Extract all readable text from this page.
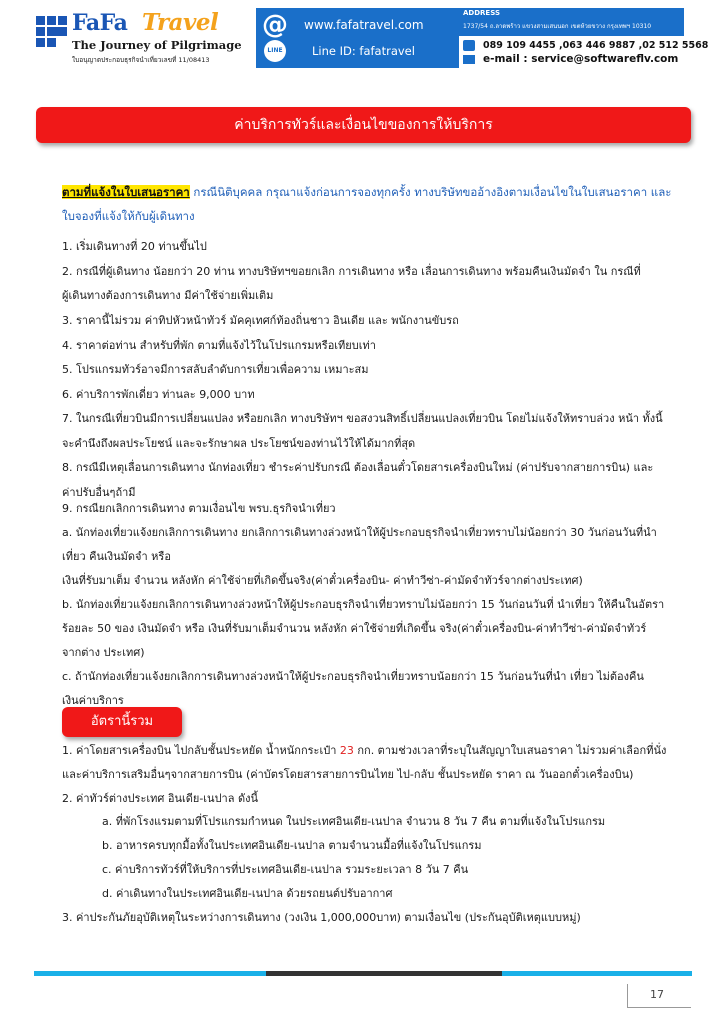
FaFa Travel
The Journey of Pilgrimage
ใบอนุญาตประกอบธุรกิจนำเที่ยวเลขที่ 11/08413
@
LINE
www.fafatravel.com
Line ID: fafatravel
ADDRESS
1737/54 ถ.ลาดพร้าว แขวงสามเสนนอก เขตห้วยขวาง กรุงเทพฯ 10310
089 109 4455 ,063 446 9887 ,02 512 5568
e-mail : service@softwareflv.com
ค่าบริการทัวร์และเงื่อนไขของการให้บริการ
ตามที่แจ้งในใบเสนอราคา กรณีนิติบุคคล กรุณาแจ้งก่อนการจองทุกครั้ง ทางบริษัทขออ้างอิงตามเงื่อนไขในใบเสนอราคา และใบจองที่แจ้งให้กับผู้เดินทาง
1. เริ่มเดินทางที่ 20 ท่านขึ้นไป
2. กรณีที่ผู้เดินทาง น้อยกว่า 20 ท่าน ทางบริษัทฯขอยกเลิก การเดินทาง หรือ เลื่อนการเดินทาง พร้อมคืนเงินมัดจำ ใน กรณีที่
ผู้เดินทางต้องการเดินทาง มีค่าใช้จ่ายเพิ่มเติม
3. ราคานี้ไม่รวม ค่าทิปหัวหน้าทัวร์ มัคคุเทศก์ท้องถิ่นชาว อินเดีย และ พนักงานขับรถ
4. ราคาต่อท่าน สำหรับที่พัก ตามที่แจ้งไว้ในโปรแกรมหรือเทียบเท่า
5. โปรแกรมทัวร์อาจมีการสลับลำดับการเที่ยวเพื่อความ เหมาะสม
6. ค่าบริการพักเดี่ยว ท่านละ 9,000 บาท
7. ในกรณีเที่ยวบินมีการเปลี่ยนแปลง หรือยกเลิก ทางบริษัทฯ ขอสงวนสิทธิ์เปลี่ยนแปลงเที่ยวบิน โดยไม่แจ้งให้ทราบล่วง หน้า ทั้งนี้
จะคำนึงถึงผลประโยชน์ และจะรักษาผล ประโยชน์ของท่านไว้ให้ได้มากที่สุด
8. กรณีมีเหตุเลื่อนการเดินทาง นักท่องเที่ยว ชำระค่าปรับกรณี ต้องเลื่อนตั๋วโดยสารเครื่องบินใหม่ (ค่าปรับจากสายการบิน) และ
ค่าปรับอื่นๆถ้ามี
9. กรณียกเลิกการเดินทาง ตามเงื่อนไข พรบ.ธุรกิจนำเที่ยว
a. นักท่องเที่ยวแจ้งยกเลิกการเดินทาง ยกเลิกการเดินทางล่วงหน้าให้ผู้ประกอบธุรกิจนำเที่ยวทราบไม่น้อยกว่า 30 วันก่อนวันที่นำ
เที่ยว คืนเงินมัดจำ หรือ
เงินที่รับมาเต็ม จำนวน หลังหัก ค่าใช้จ่ายที่เกิดขึ้นจริง(ค่าตั๋วเครื่องบิน- ค่าทำวีซ่า-ค่ามัดจำทัวร์จากต่างประเทศ)
b. นักท่องเที่ยวแจ้งยกเลิกการเดินทางล่วงหน้าให้ผู้ประกอบธุรกิจนำเที่ยวทราบไม่น้อยกว่า 15 วันก่อนวันที่ นำเที่ยว ให้คืนในอัตรา
ร้อยละ 50 ของ เงินมัดจำ หรือ เงินที่รับมาเต็มจำนวน หลังหัก ค่าใช้จ่ายที่เกิดขึ้น จริง(ค่าตั๋วเครื่องบิน-ค่าทำวีซ่า-ค่ามัดจำทัวร์
จากต่าง ประเทศ)
c. ถ้านักท่องเที่ยวแจ้งยกเลิกการเดินทางล่วงหน้าให้ผู้ประกอบธุรกิจนำเที่ยวทราบน้อยกว่า 15 วันก่อนวันที่นำ เที่ยว ไม่ต้องคืน
เงินค่าบริการ
อัตรานี้รวม
1. ค่าโดยสารเครื่องบิน ไปกลับชั้นประหยัด น้ำหนักกระเป๋า 23 กก. ตามช่วงเวลาที่ระบุในสัญญาใบเสนอราคา ไม่รวมค่าเลือกที่นั่ง
และค่าบริการเสริมอื่นๆจากสายการบิน (ค่าบัตรโดยสารสายการบินไทย ไป-กลับ ชั้นประหยัด ราคา ณ วันออกตั๋วเครื่องบิน)
2. ค่าทัวร์ต่างประเทศ อินเดีย-เนปาล ดังนี้
a. ที่พักโรงแรมตามที่โปรแกรมกำหนด ในประเทศอินเดีย-เนปาล จำนวน 8 วัน 7 คืน ตามที่แจ้งในโปรแกรม
b. อาหารครบทุกมื้อทั้งในประเทศอินเดีย-เนปาล ตามจำนวนมื้อที่แจ้งในโปรแกรม
c. ค่าบริการทัวร์ที่ให้บริการที่ประเทศอินเดีย-เนปาล รวมระยะเวลา 8 วัน 7 คืน
d. ค่าเดินทางในประเทศอินเดีย-เนปาล ด้วยรถยนต์ปรับอากาศ
3. ค่าประกันภัยอุบัติเหตุในระหว่างการเดินทาง (วงเงิน 1,000,000บาท) ตามเงื่อนไข (ประกันอุบัติเหตุแบบหมู่)
17
